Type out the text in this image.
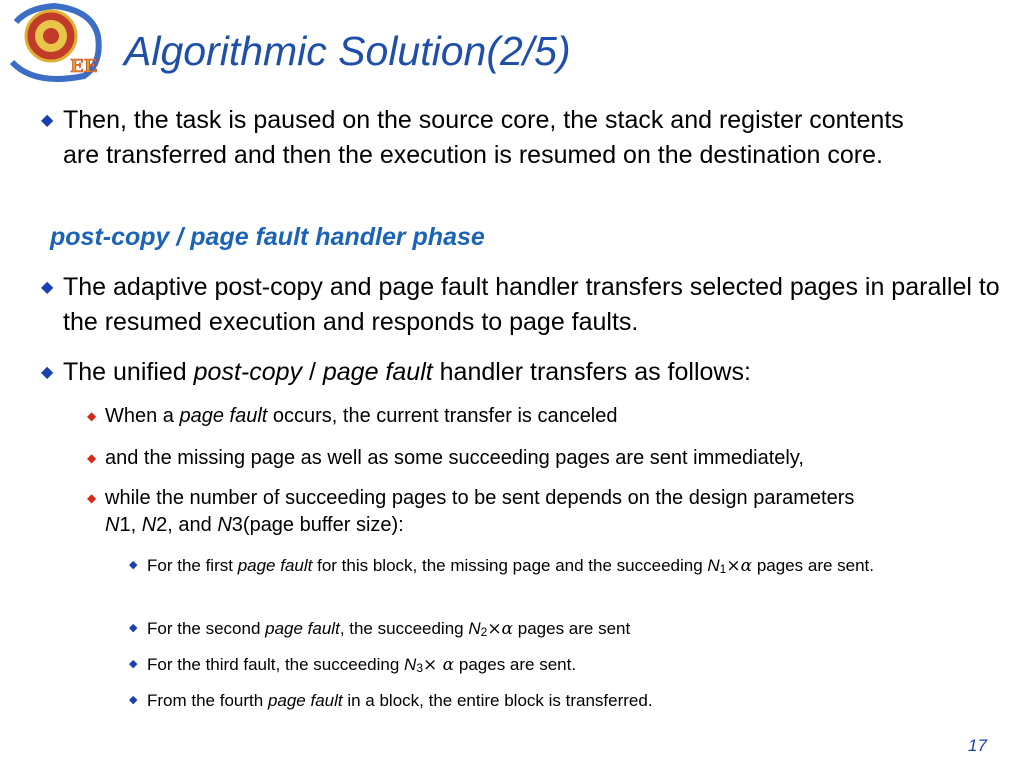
EE Algorithmic Solution(2/5)
◆ Then, the task is paused on the source core, the stack and register contents are transferred and then the execution is resumed on the destination core.
post-copy / page fault handler phase
◆ The adaptive post-copy and page fault handler transfers selected pages in parallel to the resumed execution and responds to page faults.
◆ The unified post-copy / page fault handler transfers as follows:
◆ When a page fault occurs, the current transfer is canceled
◆ and the missing page as well as some succeeding pages are sent immediately,
◆ while the number of succeeding pages to be sent depends on the design parameters
N1, N2, and N3(page buffer size):
◆ For the first page fault for this block, the missing page and the succeeding $N_1\times\alpha$ pages are sent.
◆ For the second page fault, the succeeding $N_2\times\alpha$ pages are sent
◆ For the third fault, the succeeding $N_3\times \alpha$ pages are sent.
◆ From the fourth page fault in a block, the entire block is transferred.
17
